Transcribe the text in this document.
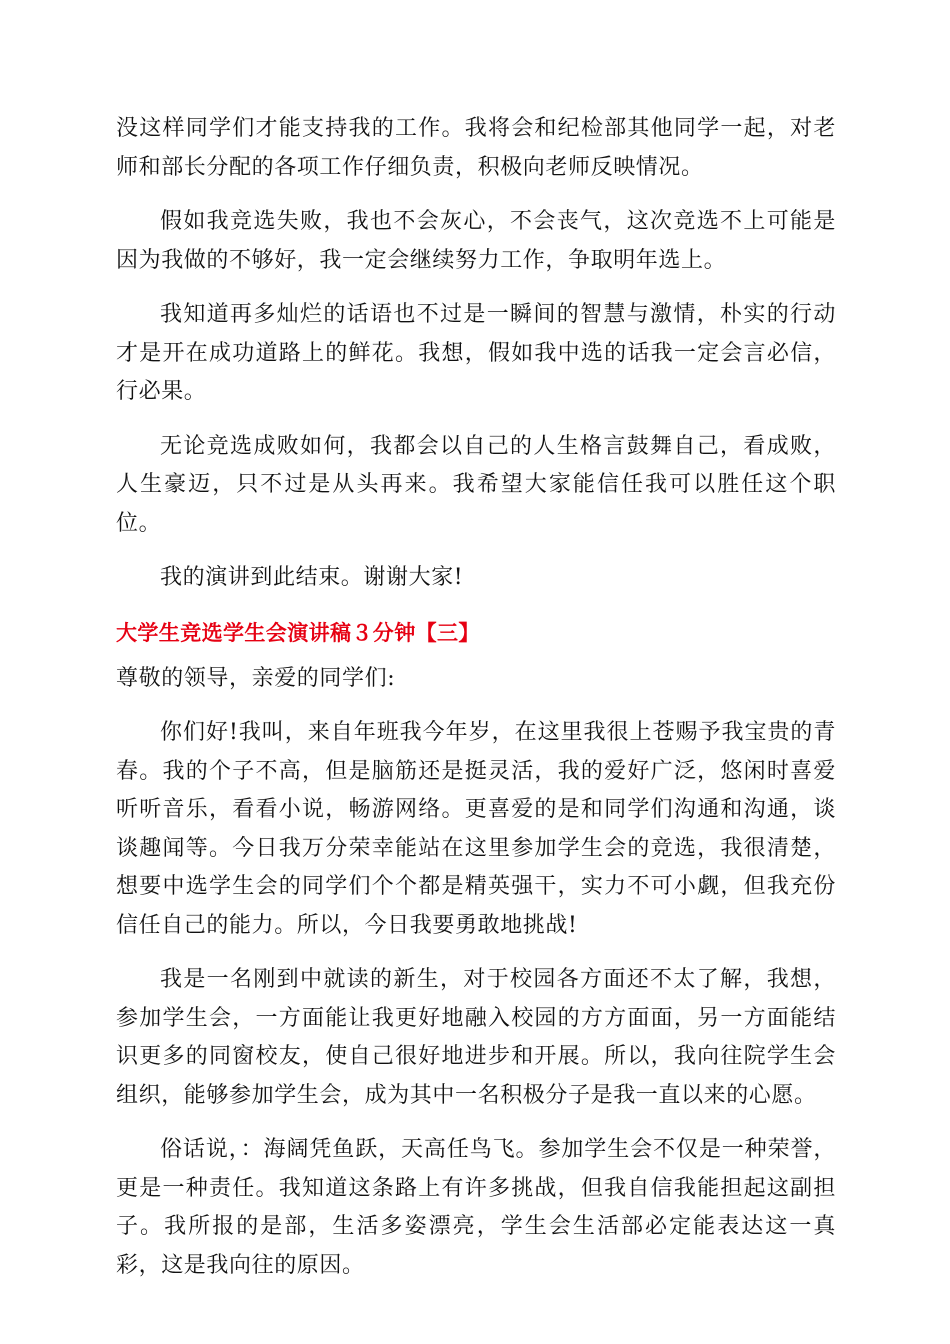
没这样同学们才能支持我的工作。我将会和纪检部其他同学一起，对老师和部长分配的各项工作仔细负责，积极向老师反映情况。

假如我竞选失败，我也不会灰心，不会丧气，这次竞选不上可能是因为我做的不够好，我一定会继续努力工作，争取明年选上。

我知道再多灿烂的话语也不过是一瞬间的智慧与激情，朴实的行动才是开在成功道路上的鲜花。我想，假如我中选的话我一定会言必信，行必果。

无论竞选成败如何，我都会以自己的人生格言鼓舞自己，看成败，人生豪迈，只不过是从头再来。我希望大家能信任我可以胜任这个职位。

我的演讲到此结束。谢谢大家!

大学生竞选学生会演讲稿３分钟【三】

尊敬的领导，亲爱的同学们:

你们好!我叫，来自年班我今年岁，在这里我很上苍赐予我宝贵的青春。我的个子不高，但是脑筋还是挺灵活，我的爱好广泛，悠闲时喜爱听听音乐，看看小说，畅游网络。更喜爱的是和同学们沟通和沟通，谈谈趣闻等。今日我万分荣幸能站在这里参加学生会的竞选，我很清楚，想要中选学生会的同学们个个都是精英强干，实力不可小觑，但我充份信任自己的能力。所以，今日我要勇敢地挑战!

我是一名刚到中就读的新生，对于校园各方面还不太了解，我想，参加学生会，一方面能让我更好地融入校园的方方面面，另一方面能结识更多的同窗校友，使自己很好地进步和开展。所以，我向往院学生会组织，能够参加学生会，成为其中一名积极分子是我一直以来的心愿。

俗话说，：海阔凭鱼跃，天高任鸟飞。参加学生会不仅是一种荣誉，更是一种责任。我知道这条路上有许多挑战，但我自信我能担起这副担子。我所报的是部，生活多姿漂亮，学生会生活部必定能表达这一真彩，这是我向往的原因。
